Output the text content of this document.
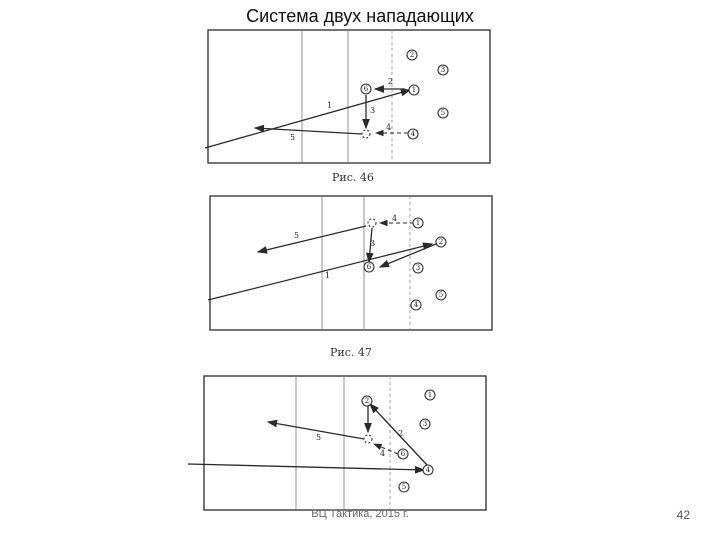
Система двух нападающих
1
2
3
4
5
2
3
1
6
5
4
Рис. 46
1
3
4
5
1
6
2
3
5
4
Рис. 47
2
4
5
1
2
3
6
4
5
ВЦ Тактика, 2015 г.	42
